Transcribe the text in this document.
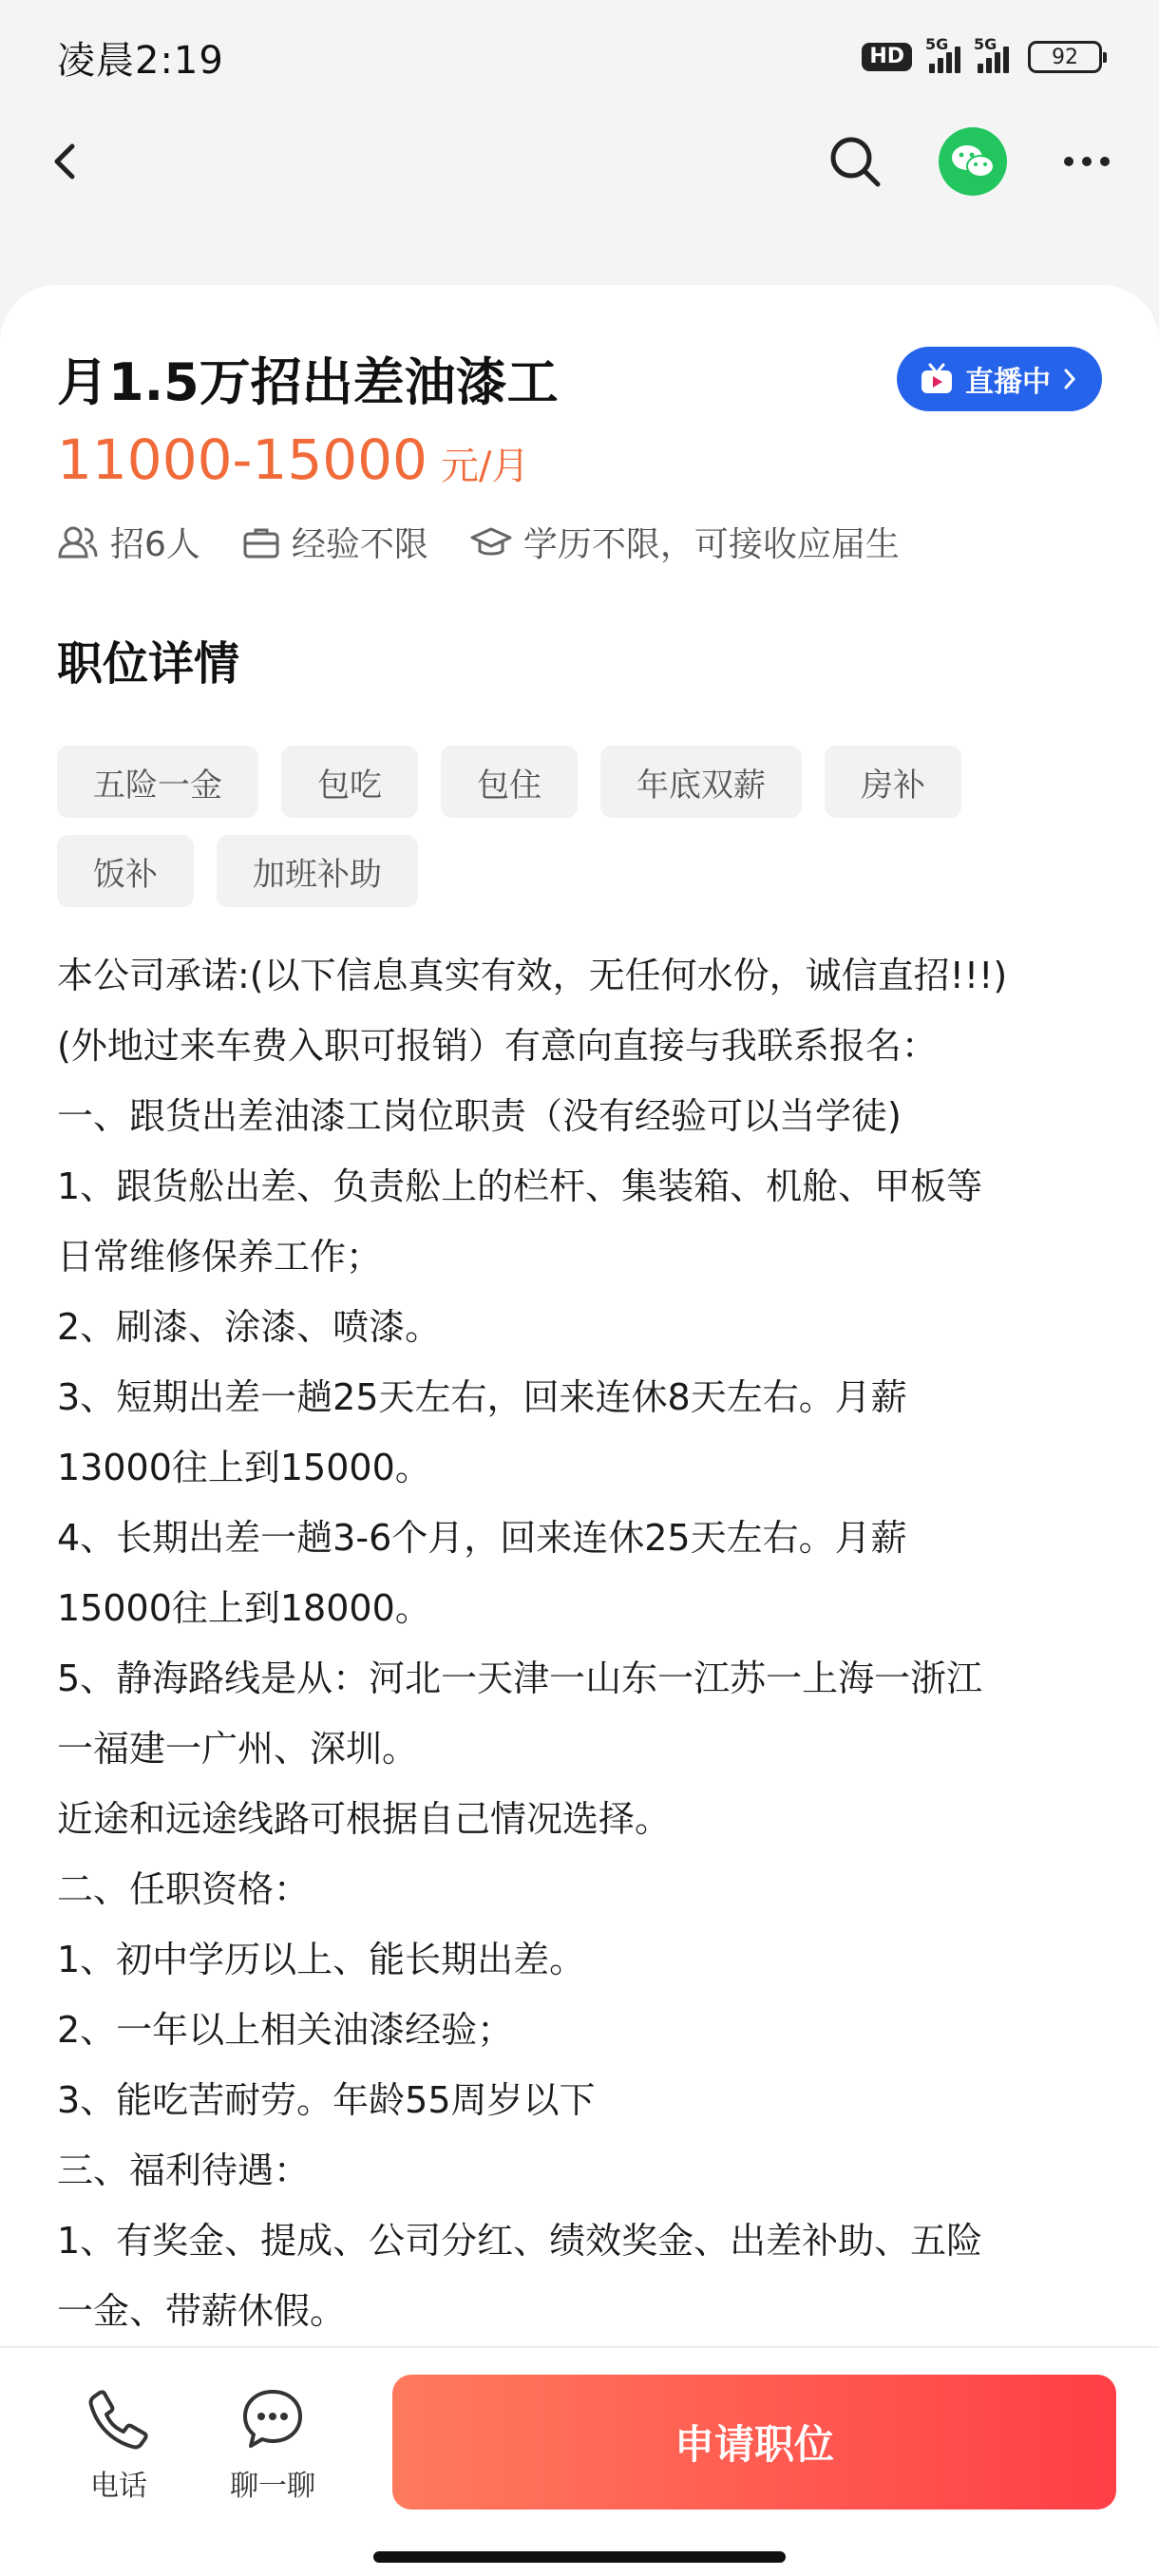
凌晨2:19	HD
5G 5G
92
月1.5万招出差油漆工	直播中
11000-15000 元/月
招6人	经验不限	学历不限，可接收应届生
职位详情
五险一金	包吃	包住	年底双薪	房补
饭补	加班补助

本公司承诺:(以下信息真实有效，无任何水份，诚信直招!!!)

(外地过来车费入职可报销）有意向直接与我联系报名：

一、跟货出差油漆工岗位职责（没有经验可以当学徒)

1、跟货舩出差、负责舩上的栏杆、集装箱、机舱、甲板等

日常维修保养工作；

2、刷漆、涂漆、喷漆。

3、短期出差一趟25天左右，回来连休8天左右。月薪

13000往上到15000。

4、长期出差一趟3-6个月，回来连休25天左右。月薪

15000往上到18000。

5、静海路线是从：河北一天津一山东一江苏一上海一浙江

一福建一广州、深圳。

近途和远途线路可根据自己情况选择。

二、任职资格：

1、初中学历以上、能长期出差。

2、一年以上相关油漆经验；

3、能吃苦耐劳。年龄55周岁以下

三、福利待遇：

1、有奖金、提成、公司分红、绩效奖金、出差补助、五险

一金、带薪休假。

电话	聊一聊
申请职位
